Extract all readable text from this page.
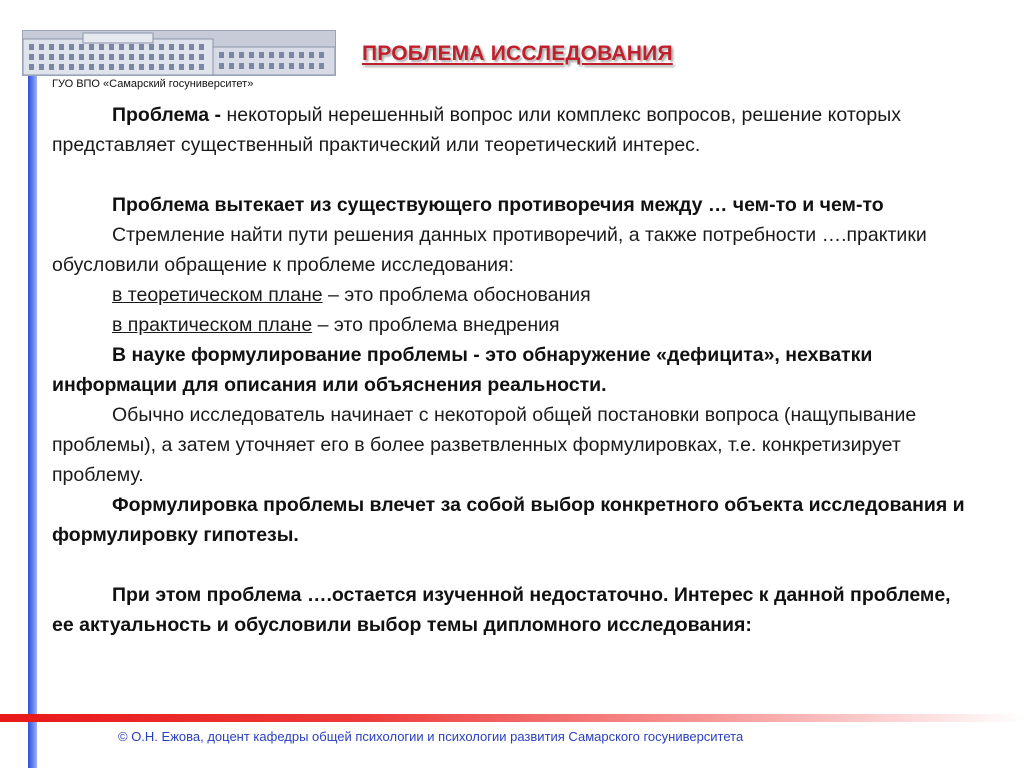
ГУО ВПО «Самарский госуниверситет»
ПРОБЛЕМА ИССЛЕДОВАНИЯ

Проблема - некоторый нерешенный вопрос или комплекс вопросов, решение которых представляет существенный практический или теоретический интерес.

Проблема вытекает из существующего противоречия между … чем-то и чем-то

Стремление найти пути решения данных противоречий, а также потребности ….практики обусловили обращение к проблеме исследования:

в теоретическом плане – это проблема обоснования

в практическом плане – это проблема внедрения

В науке формулирование проблемы - это обнаружение «дефицита», нехватки информации для описания или объяснения реальности.

Обычно исследователь начинает с некоторой общей постановки вопроса (нащупывание проблемы), а затем уточняет его в более разветвленных формулировках, т.е. конкретизирует проблему.

Формулировка проблемы влечет за собой выбор конкретного объекта исследования и формулировку гипотезы.

При этом проблема ….остается изученной недостаточно. Интерес к данной проблеме, ее актуальность и обусловили выбор темы дипломного исследования:

© О.Н. Ежова, доцент кафедры общей психологии и психологии развития Самарского госуниверситета
